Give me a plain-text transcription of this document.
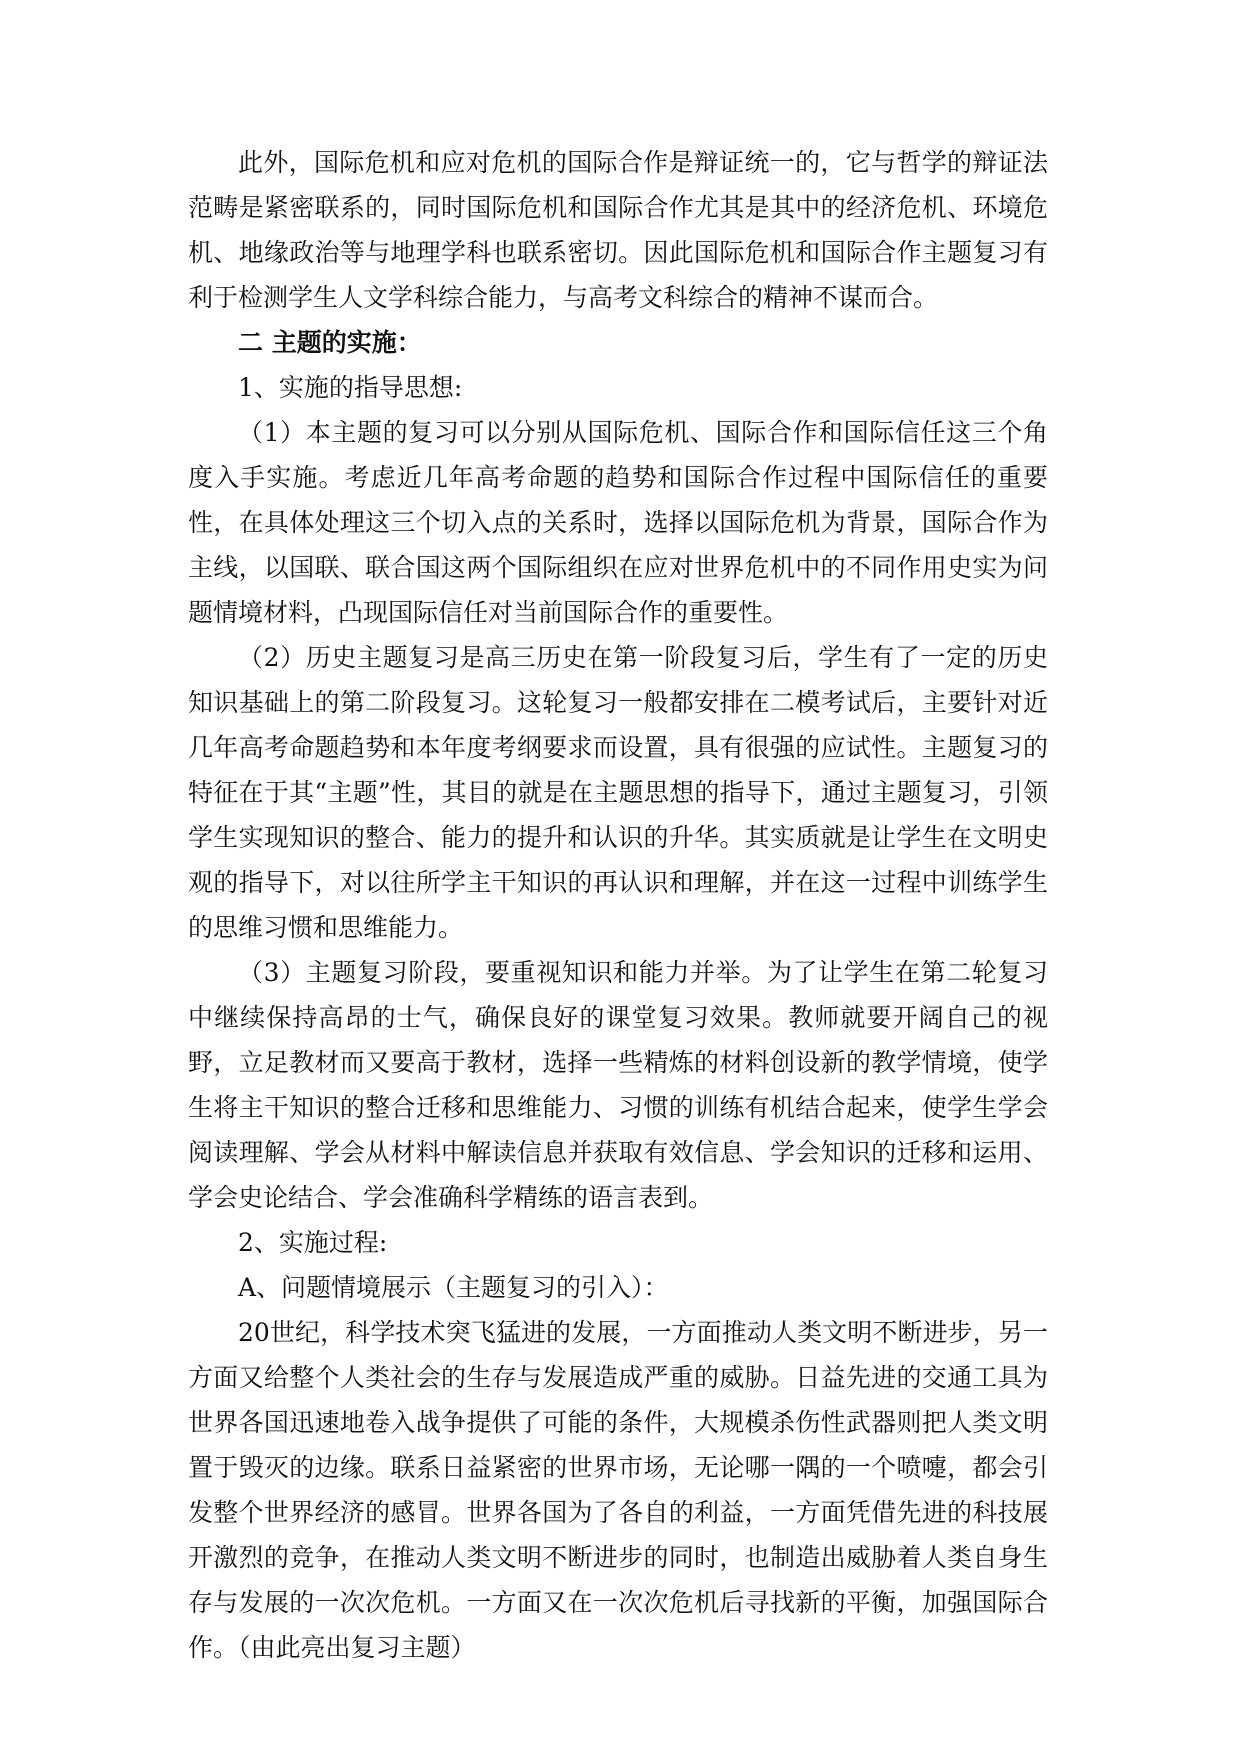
此外，国际危机和应对危机的国际合作是辩证统一的，它与哲学的辩证法范畴是紧密联系的，同时国际危机和国际合作尤其是其中的经济危机、环境危机、地缘政治等与地理学科也联系密切。因此国际危机和国际合作主题复习有利于检测学生人文学科综合能力，与高考文科综合的精神不谋而合。

二 主题的实施：

1、实施的指导思想:

（1）本主题的复习可以分别从国际危机、国际合作和国际信任这三个角度入手实施。考虑近几年高考命题的趋势和国际合作过程中国际信任的重要性，在具体处理这三个切入点的关系时，选择以国际危机为背景，国际合作为主线，以国联、联合国这两个国际组织在应对世界危机中的不同作用史实为问题情境材料，凸现国际信任对当前国际合作的重要性。

（2）历史主题复习是高三历史在第一阶段复习后，学生有了一定的历史知识基础上的第二阶段复习。这轮复习一般都安排在二模考试后，主要针对近几年高考命题趋势和本年度考纲要求而设置，具有很强的应试性。主题复习的特征在于其“主题”性，其目的就是在主题思想的指导下，通过主题复习，引领学生实现知识的整合、能力的提升和认识的升华。其实质就是让学生在文明史观的指导下，对以往所学主干知识的再认识和理解，并在这一过程中训练学生的思维习惯和思维能力。

（3）主题复习阶段，要重视知识和能力并举。为了让学生在第二轮复习中继续保持高昂的士气，确保良好的课堂复习效果。教师就要开阔自己的视野，立足教材而又要高于教材，选择一些精炼的材料创设新的教学情境，使学生将主干知识的整合迁移和思维能力、习惯的训练有机结合起来，使学生学会阅读理解、学会从材料中解读信息并获取有效信息、学会知识的迁移和运用、学会史论结合、学会准确科学精练的语言表到。

2、实施过程:

A、问题情境展示（主题复习的引入）：

20世纪，科学技术突飞猛进的发展，一方面推动人类文明不断进步，另一方面又给整个人类社会的生存与发展造成严重的威胁。日益先进的交通工具为世界各国迅速地卷入战争提供了可能的条件，大规模杀伤性武器则把人类文明置于毁灭的边缘。联系日益紧密的世界市场，无论哪一隅的一个喷嚏，都会引发整个世界经济的感冒。世界各国为了各自的利益，一方面凭借先进的科技展开激烈的竞争，在推动人类文明不断进步的同时，也制造出威胁着人类自身生存与发展的一次次危机。一方面又在一次次危机后寻找新的平衡，加强国际合作。（由此亮出复习主题）
